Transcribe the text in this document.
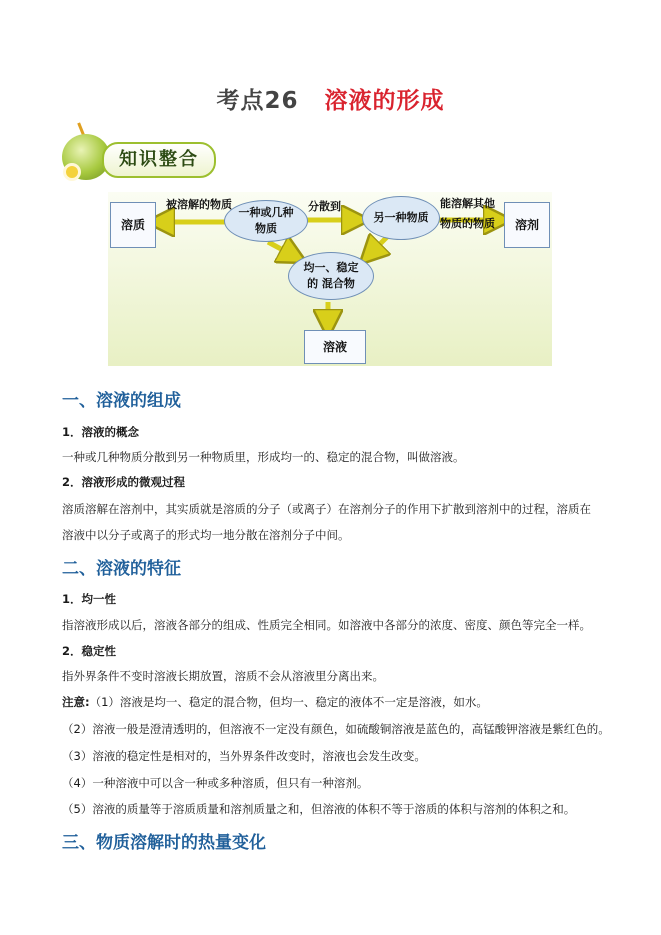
考点26 溶液的形成
知识整合
溶质
一种或几种
物质
另一种物质
溶剂
均一、稳定
的 混合物
溶液
被溶解的物质	分散到	能溶解其他
物质的物质
一、溶液的组成
1．溶液的概念
一种或几种物质分散到另一种物质里，形成均一的、稳定的混合物，叫做溶液。
2．溶液形成的微观过程
溶质溶解在溶剂中，其实质就是溶质的分子（或离子）在溶剂分子的作用下扩散到溶剂中的过程，溶质在
溶液中以分子或离子的形式均一地分散在溶剂分子中间。
二、溶液的特征
1．均一性
指溶液形成以后，溶液各部分的组成、性质完全相同。如溶液中各部分的浓度、密度、颜色等完全一样。
2．稳定性
指外界条件不变时溶液长期放置，溶质不会从溶液里分离出来。
注意:（1）溶液是均一、稳定的混合物，但均一、稳定的液体不一定是溶液，如水。
（2）溶液一般是澄清透明的，但溶液不一定没有颜色，如硫酸铜溶液是蓝色的，高锰酸钾溶液是紫红色的。
（3）溶液的稳定性是相对的，当外界条件改变时，溶液也会发生改变。
（4）一种溶液中可以含一种或多种溶质，但只有一种溶剂。
（5）溶液的质量等于溶质质量和溶剂质量之和，但溶液的体积不等于溶质的体积与溶剂的体积之和。
三、物质溶解时的热量变化
